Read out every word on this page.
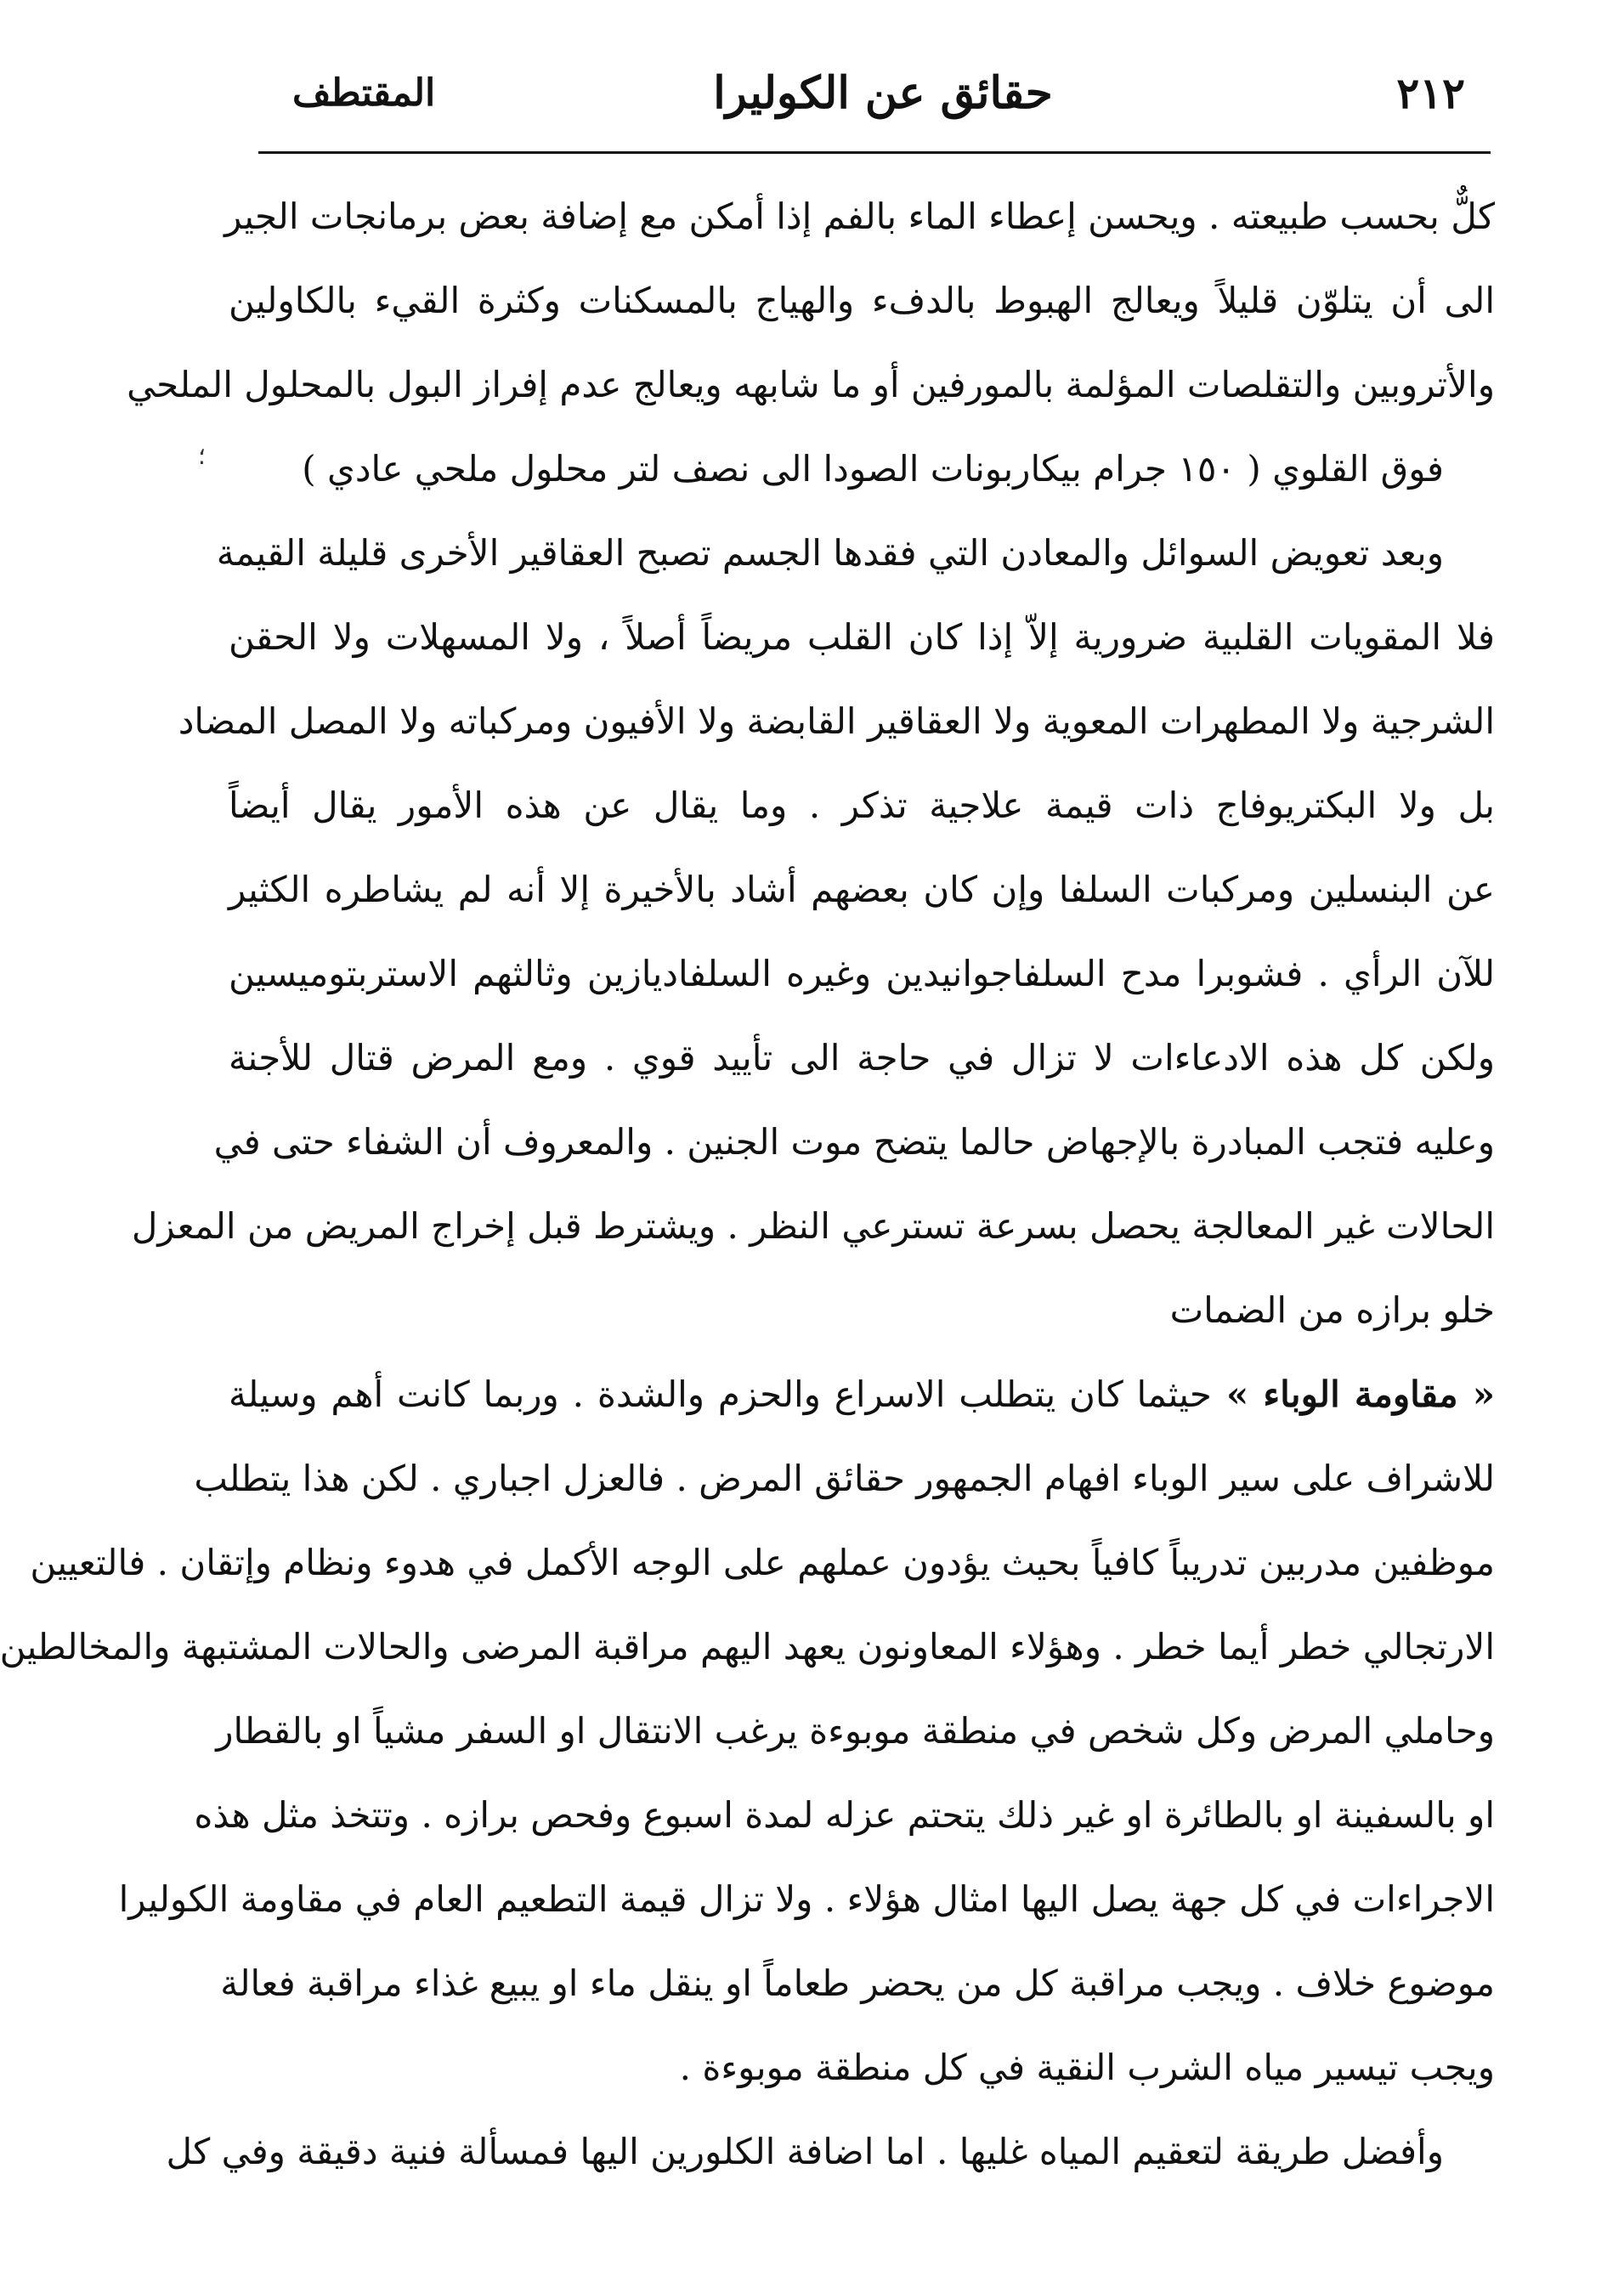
٢١٢
حقائق عن الكوليرا
المقتطف
؛
كلٌّ بحسب طبيعته . ويحسن إعطاء الماء بالفم إذا أمكن مع إضافة بعض برمانجات الجير
الى أن يتلوّن قليلاً ويعالج الهبوط بالدفء والهياج بالمسكنات وكثرة القيء بالكاولين
والأتروبين والتقلصات المؤلمة بالمورفين أو ما شابهه ويعالج عدم إفراز البول بالمحلول الملحي
فوق القلوي ( ١٥٠ جرام بيكاربونات الصودا الى نصف لتر محلول ملحي عادي )
وبعد تعويض السوائل والمعادن التي فقدها الجسم تصبح العقاقير الأخرى قليلة القيمة
فلا المقويات القلبية ضرورية إلاّ إذا كان القلب مريضاً أصلاً ، ولا المسهلات ولا الحقن
الشرجية ولا المطهرات المعوية ولا العقاقير القابضة ولا الأفيون ومركباته ولا المصل المضاد
بل ولا البكتريوفاج ذات قيمة علاجية تذكر . وما يقال عن هذه الأمور يقال أيضاً
عن البنسلين ومركبات السلفا وإن كان بعضهم أشاد بالأخيرة إلا أنه لم يشاطره الكثير
للآن الرأي . فشوبرا مدح السلفاجوانيدين وغيره السلفاديازين وثالثهم الاستربتوميسين
ولكن كل هذه الادعاءات لا تزال في حاجة الى تأييد قوي . ومع المرض قتال للأجنة
وعليه فتجب المبادرة بالإجهاض حالما يتضح موت الجنين . والمعروف أن الشفاء حتى في
الحالات غير المعالجة يحصل بسرعة تسترعي النظر . ويشترط قبل إخراج المريض من المعزل
خلو برازه من الضمات
« مقاومة الوباء » حيثما كان يتطلب الاسراع والحزم والشدة . وربما كانت أهم وسيلة
للاشراف على سير الوباء افهام الجمهور حقائق المرض . فالعزل اجباري . لكن هذا يتطلب
موظفين مدربين تدريباً كافياً بحيث يؤدون عملهم على الوجه الأكمل في هدوء ونظام وإتقان . فالتعيين
الارتجالي خطر أيما خطر . وهؤلاء المعاونون يعهد اليهم مراقبة المرضى والحالات المشتبهة والمخالطين
وحاملي المرض وكل شخص في منطقة موبوءة يرغب الانتقال او السفر مشياً او بالقطار
او بالسفينة او بالطائرة او غير ذلك يتحتم عزله لمدة اسبوع وفحص برازه . وتتخذ مثل هذه
الاجراءات في كل جهة يصل اليها امثال هؤلاء . ولا تزال قيمة التطعيم العام في مقاومة الكوليرا
موضوع خلاف . ويجب مراقبة كل من يحضر طعاماً او ينقل ماء او يبيع غذاء مراقبة فعالة
ويجب تيسير مياه الشرب النقية في كل منطقة موبوءة .
وأفضل طريقة لتعقيم المياه غليها . اما اضافة الكلورين اليها فمسألة فنية دقيقة وفي كل
